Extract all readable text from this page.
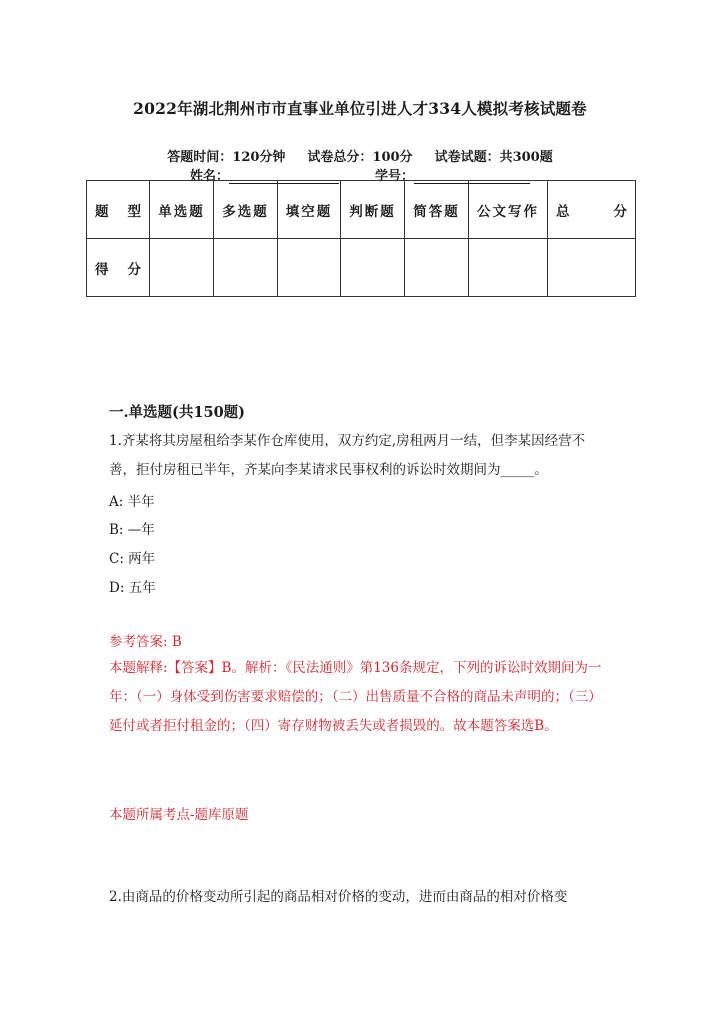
2022年湖北荆州市市直事业单位引进人才334人模拟考核试题卷
答题时间：120分钟 试卷总分：100分 试卷试题：共300题
姓名：	学号：
题　型	单选题	多选题	填空题	判断题	简答题	公文写作	总　分
得　分							
一.单选题(共150题)
1.齐某将其房屋租给李某作仓库使用，双方约定,房租两月一结，但李某因经营不善，拒付房租已半年，齐某向李某请求民事权利的诉讼时效期间为_____。
A: 半年
B: —年
C: 两年
D: 五年
参考答案: B
本题解释:【答案】B。解析：《民法通则》第136条规定，下列的诉讼时效期间为一年：（一）身体受到伤害要求赔偿的；（二）出售质量不合格的商品未声明的；（三）延付或者拒付租金的；（四）寄存财物被丢失或者损毁的。故本题答案选B。
本题所属考点-题库原题
2.由商品的价格变动所引起的商品相对价格的变动，进而由商品的相对价格变
